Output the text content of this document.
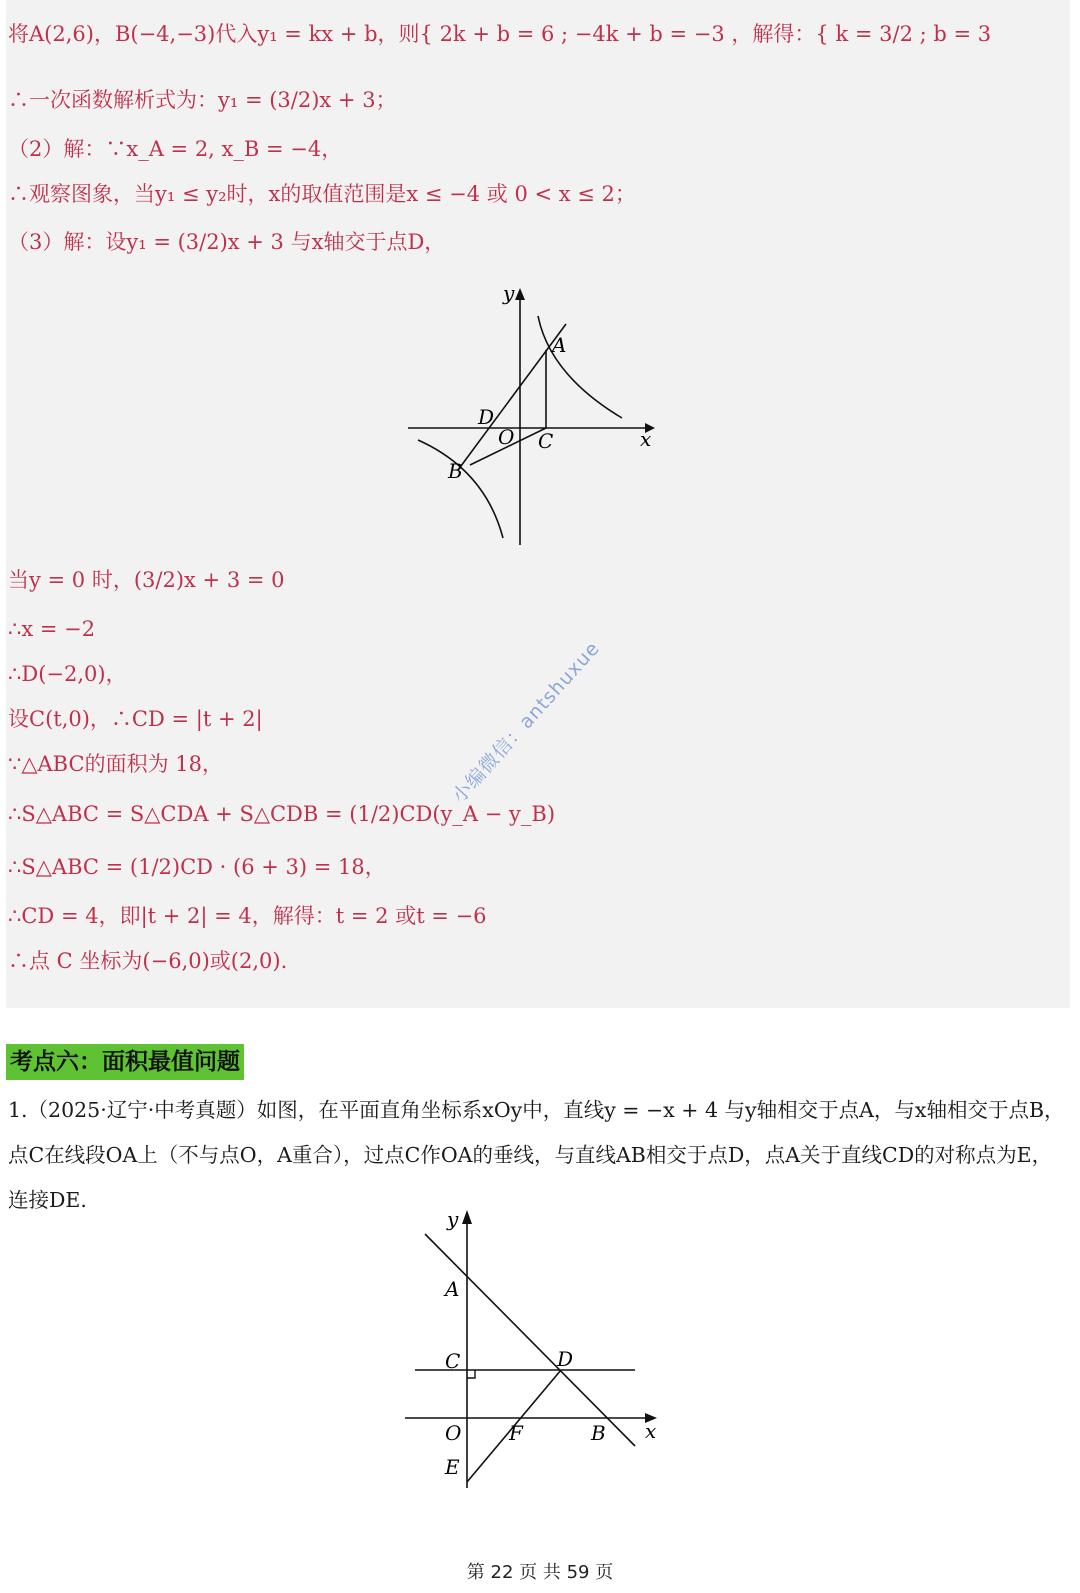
将A(2,6)，B(−4,−3)代入y₁ = kx + b，则{ 2k + b = 6 ; −4k + b = −3 ，解得：{ k = 3/2 ; b = 3
∴一次函数解析式为：y₁ = (3/2)x + 3；
（2）解：∵x_A = 2, x_B = −4，
∴观察图象，当y₁ ≤ y₂时，x的取值范围是x ≤ −4 或 0 < x ≤ 2；
（3）解：设y₁ = (3/2)x + 3 与x轴交于点D，
y
x
A
B
C
D
O
当y = 0 时，(3/2)x + 3 = 0
∴x = −2
∴D(−2,0)，
设C(t,0)，∴CD = |t + 2|
∵△ABC的面积为 18，
∴S△ABC = S△CDA + S△CDB = (1/2)CD(y_A − y_B)
∴S△ABC = (1/2)CD · (6 + 3) = 18，
∴CD = 4，即|t + 2| = 4，解得：t = 2 或t = −6
∴点 C 坐标为(−6,0)或(2,0).
小编微信：antshuxue
考点六：面积最值问题
1.（2025·辽宁·中考真题）如图，在平面直角坐标系xOy中，直线y = −x + 4 与y轴相交于点A，与x轴相交于点B，点C在线段OA上（不与点O，A重合），过点C作OA的垂线，与直线AB相交于点D，点A关于直线CD的对称点为E，连接DE.
y
x
A
C	D
O F	B
E
第 22 页 共 59 页
